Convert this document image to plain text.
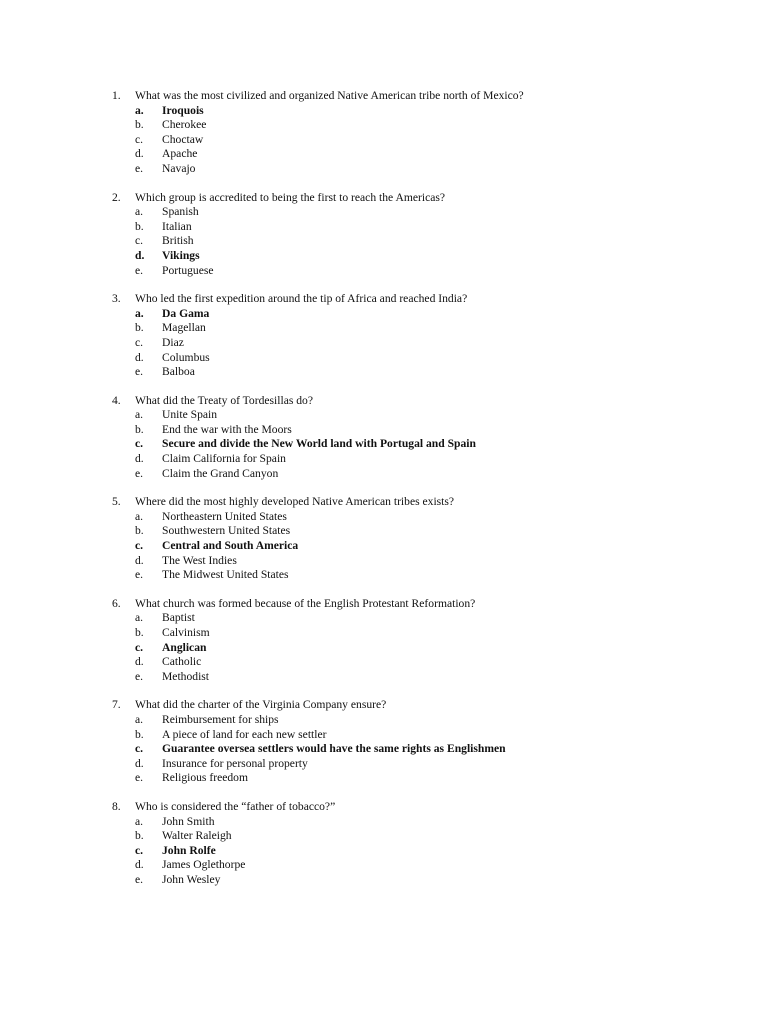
1.	What was the most civilized and organized Native American tribe north of Mexico?
a.	Iroquois
b.	Cherokee
c.	Choctaw
d.	Apache
e.	Navajo
2.	Which group is accredited to being the first to reach the Americas?
a.	Spanish
b.	Italian
c.	British
d.	Vikings
e.	Portuguese
3.	Who led the first expedition around the tip of Africa and reached India?
a.	Da Gama
b.	Magellan
c.	Diaz
d.	Columbus
e.	Balboa
4.	What did the Treaty of Tordesillas do?
a.	Unite Spain
b.	End the war with the Moors
c.	Secure and divide the New World land with Portugal and Spain
d.	Claim California for Spain
e.	Claim the Grand Canyon
5.	Where did the most highly developed Native American tribes exists?
a.	Northeastern United States
b.	Southwestern United States
c.	Central and South America
d.	The West Indies
e.	The Midwest United States
6.	What church was formed because of the English Protestant Reformation?
a.	Baptist
b.	Calvinism
c.	Anglican
d.	Catholic
e.	Methodist
7.	What did the charter of the Virginia Company ensure?
a.	Reimbursement for ships
b.	A piece of land for each new settler
c.	Guarantee oversea settlers would have the same rights as Englishmen
d.	Insurance for personal property
e.	Religious freedom
8.	Who is considered the “father of tobacco?”
a.	John Smith
b.	Walter Raleigh
c.	John Rolfe
d.	James Oglethorpe
e.	John Wesley
